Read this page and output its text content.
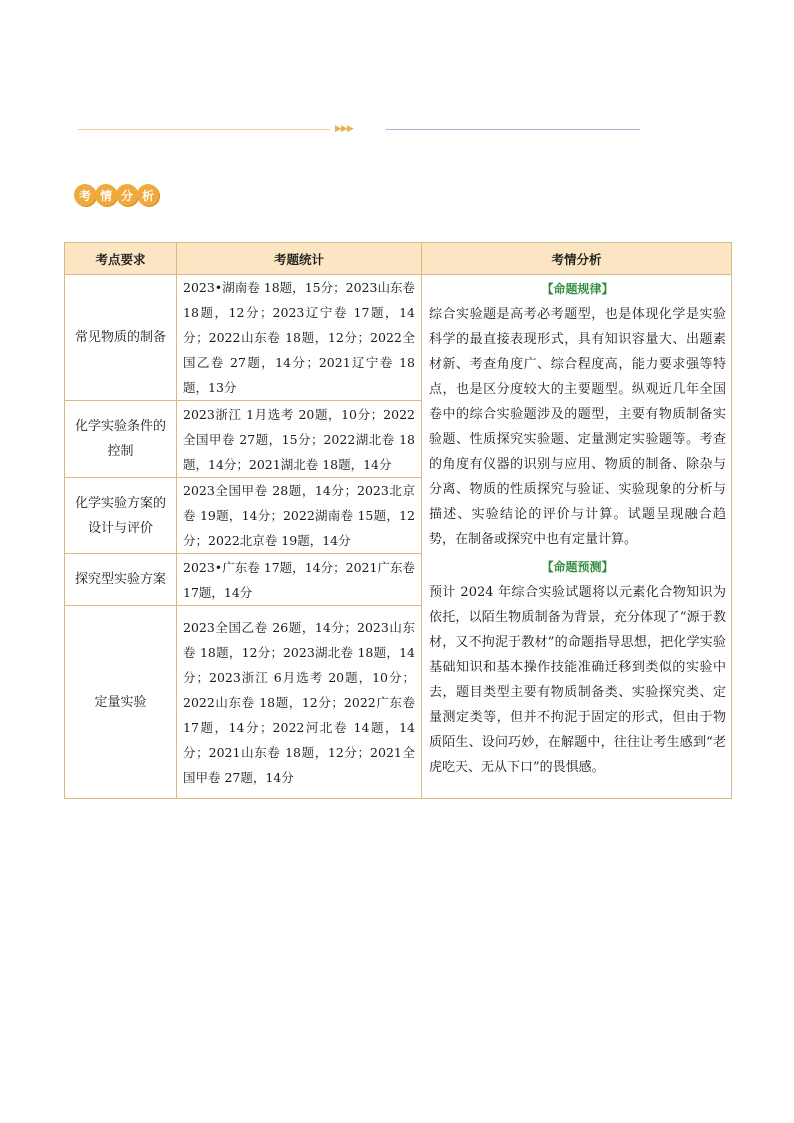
▶▶▶
考 情 分 析
考点要求	考题统计	考情分析
常见物质的制备	2023•湖南卷 18题，15分；2023山东卷 18题，12分；2023辽宁卷 17题，14分；2022山东卷 18题，12分；2022全国乙卷 27题，14分；2021辽宁卷 18题，13分	【命题规律】
综合实验题是高考必考题型，也是体现化学是实验科学的最直接表现形式，具有知识容量大、出题素材新、考查角度广、综合程度高，能力要求强等特点，也是区分度较大的主要题型。纵观近几年全国卷中的综合实验题涉及的题型，主要有物质制备实验题、性质探究实验题、定量测定实验题等。考查的角度有仪器的识别与应用、物质的制备、除杂与分离、物质的性质探究与验证、实验现象的分析与描述、实验结论的评价与计算。试题呈现融合趋势，在制备或探究中也有定量计算。
【命题预测】
预计 2024 年综合实验试题将以元素化合物知识为依托，以陌生物质制备为背景，充分体现了“源于教材，又不拘泥于教材”的命题指导思想，把化学实验基础知识和基本操作技能准确迁移到类似的实验中去，题目类型主要有物质制备类、实验探究类、定量测定类等，但并不拘泥于固定的形式，但由于物质陌生、设问巧妙，在解题中，往往让考生感到“老虎吃天、无从下口”的畏惧感。

化学实验条件的控制	2023浙江 1月选考 20题，10分；2022全国甲卷 27题，15分；2022湖北卷 18题，14分；2021湖北卷 18题，14分	
化学实验方案的设计与评价	2023全国甲卷 28题，14分；2023北京卷 19题，14分；2022湖南卷 15题，12分；2022北京卷 19题，14分	
探究型实验方案	2023•广东卷 17题，14分；2021广东卷 17题，14分	
定量实验	2023全国乙卷 26题，14分；2023山东卷 18题，12分；2023湖北卷 18题，14分；2023浙江 6月选考 20题，10分；2022山东卷 18题，12分；2022广东卷 17题，14分；2022河北卷 14题，14分；2021山东卷 18题，12分；2021全国甲卷 27题，14分	
